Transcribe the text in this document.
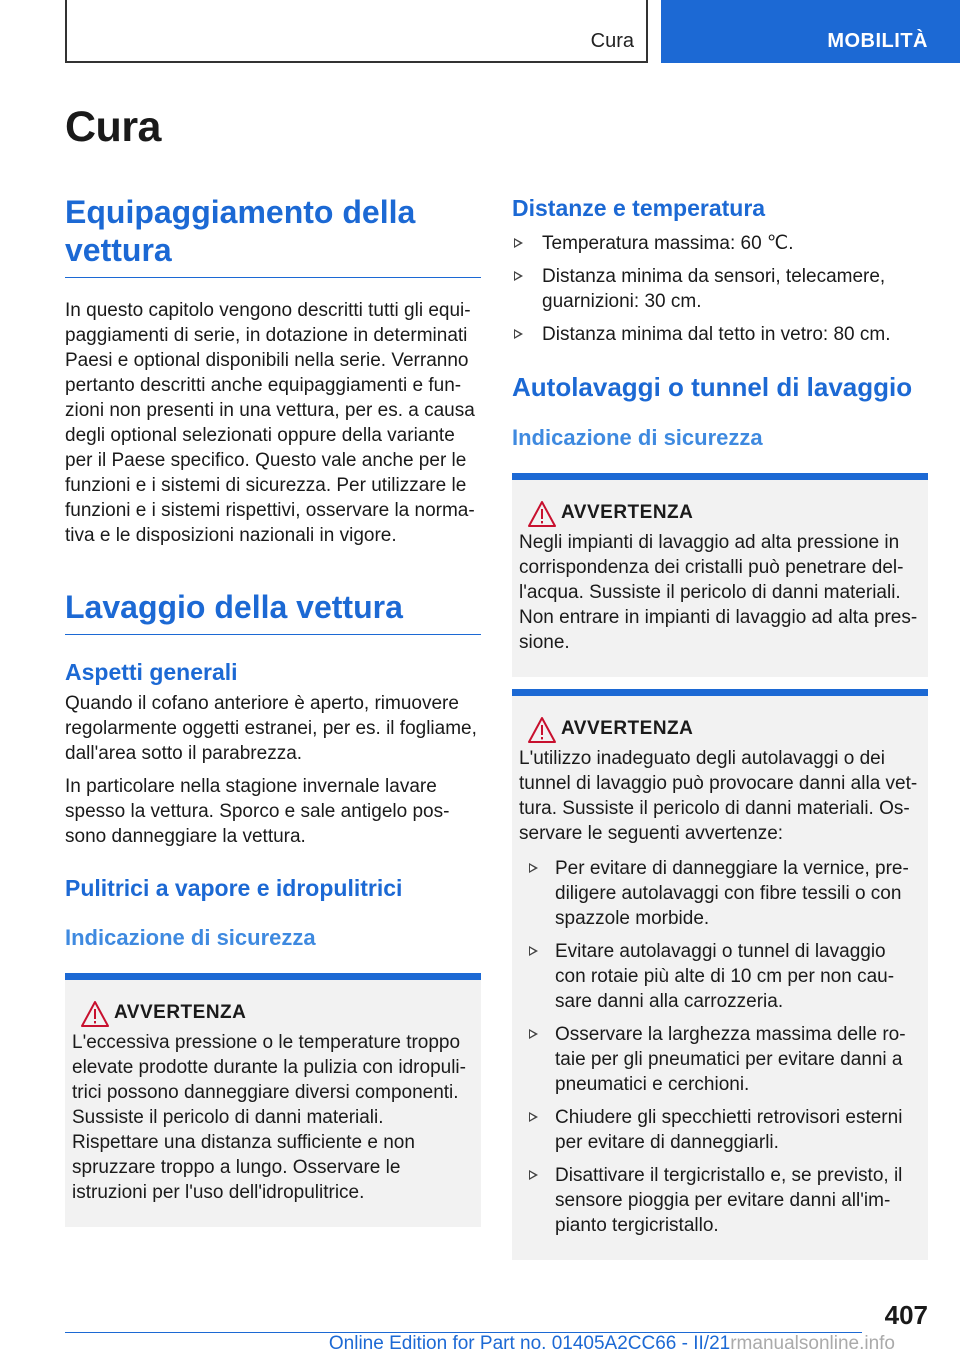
Cura	MOBILITÀ
Cura
Equipaggiamento della vettura

In questo capitolo vengono descritti tutti gli equipaggiamenti di serie, in dotazione in determinati Paesi e optional disponibili nella serie. Verranno pertanto descritti anche equipaggiamenti e funzioni non presenti in una vettura, per es. a causa degli optional selezionati oppure della variante per il Paese specifico. Questo vale anche per le funzioni e i sistemi di sicurezza. Per utilizzare le funzioni e i sistemi rispettivi, osservare la normativa e le disposizioni nazionali in vigore.

Lavaggio della vettura
Aspetti generali

Quando il cofano anteriore è aperto, rimuovere regolarmente oggetti estranei, per es. il fogliame, dall'area sotto il parabrezza.

In particolare nella stagione invernale lavare spesso la vettura. Sporco e sale antigelo possono danneggiare la vettura.

Pulitrici a vapore e idropulitrici
Indicazione di sicurezza
AVVERTENZA

L'eccessiva pressione o le temperature troppo elevate prodotte durante la pulizia con idropulitrici possono danneggiare diversi componenti. Sussiste il pericolo di danni materiali. Rispettare una distanza sufficiente e non spruzzare troppo a lungo. Osservare le istruzioni per l'uso dell'idropulitrice.

Distanze e temperatura
Temperatura massima: 60 ℃.
Distanza minima da sensori, telecamere, guarnizioni: 30 cm.
Distanza minima dal tetto in vetro: 80 cm.
Autolavaggi o tunnel di lavaggio
Indicazione di sicurezza
AVVERTENZA

Negli impianti di lavaggio ad alta pressione in corrispondenza dei cristalli può penetrare dell'acqua. Sussiste il pericolo di danni materiali. Non entrare in impianti di lavaggio ad alta pressione.

AVVERTENZA

L'utilizzo inadeguato degli autolavaggi o dei tunnel di lavaggio può provocare danni alla vettura. Sussiste il pericolo di danni materiali. Osservare le seguenti avvertenze:

Per evitare di danneggiare la vernice, prediligere autolavaggi con fibre tessili o con spazzole morbide.
Evitare autolavaggi o tunnel di lavaggio con rotaie più alte di 10 cm per non causare danni alla carrozzeria.
Osservare la larghezza massima delle rotaie per gli pneumatici per evitare danni a pneumatici e cerchioni.
Chiudere gli specchietti retrovisori esterni per evitare di danneggiarli.
Disattivare il tergicristallo e, se previsto, il sensore pioggia per evitare danni all'impianto tergicristallo.
407
Online Edition for Part no. 01405A2CC66 - II/21rmanualsonline.info
